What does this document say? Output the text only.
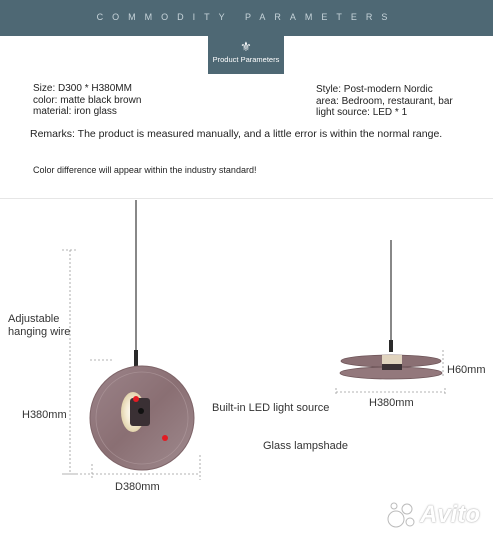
COMMODITY PARAMETERS
⚜
Product Parameters
Size: D300 * H380MM
color: matte black brown
material: iron glass
Style: Post-modern Nordic
area: Bedroom, restaurant, bar
light source: LED * 1
Remarks: The product is measured manually, and a little error is within the normal range.
Color difference will appear within the industry standard!
Adjustable hanging wire
H380mm
D380mm
Built-in LED light source
Glass lampshade
H60mm
H380mm
Avito
